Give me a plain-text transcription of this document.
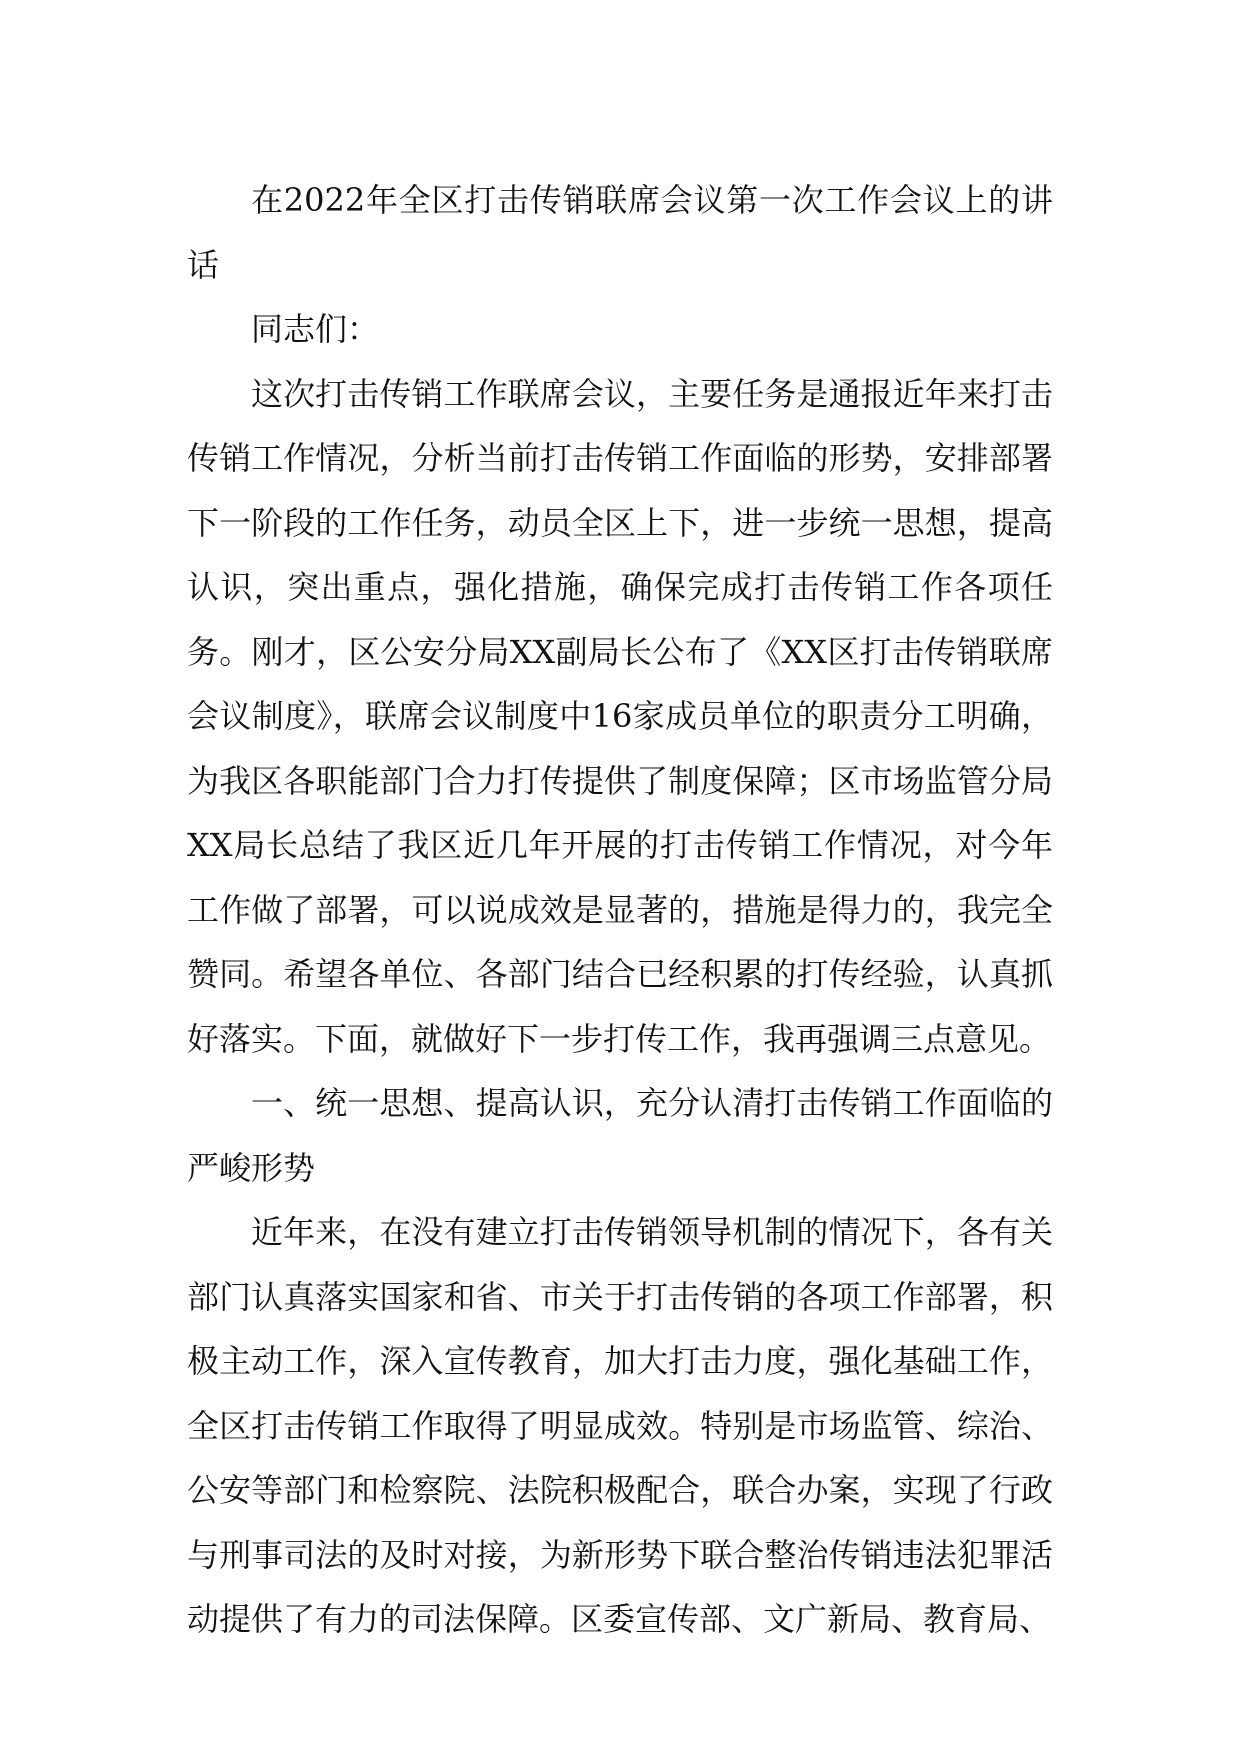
在2022年全区打击传销联席会议第一次工作会议上的讲话

同志们：

这次打击传销工作联席会议，主要任务是通报近年来打击传销工作情况，分析当前打击传销工作面临的形势，安排部署下一阶段的工作任务，动员全区上下，进一步统一思想，提高认识，突出重点，强化措施，确保完成打击传销工作各项任务。刚才，区公安分局XX副局长公布了《XX区打击传销联席会议制度》，联席会议制度中16家成员单位的职责分工明确，为我区各职能部门合力打传提供了制度保障；区市场监管分局XX局长总结了我区近几年开展的打击传销工作情况，对今年工作做了部署，可以说成效是显著的，措施是得力的，我完全赞同。希望各单位、各部门结合已经积累的打传经验，认真抓好落实。下面，就做好下一步打传工作，我再强调三点意见。

一、统一思想、提高认识，充分认清打击传销工作面临的严峻形势

近年来，在没有建立打击传销领导机制的情况下，各有关部门认真落实国家和省、市关于打击传销的各项工作部署，积极主动工作，深入宣传教育，加大打击力度，强化基础工作，全区打击传销工作取得了明显成效。特别是市场监管、综治、公安等部门和检察院、法院积极配合，联合办案，实现了行政与刑事司法的及时对接，为新形势下联合整治传销违法犯罪活动提供了有力的司法保障。区委宣传部、文广新局、教育局、
